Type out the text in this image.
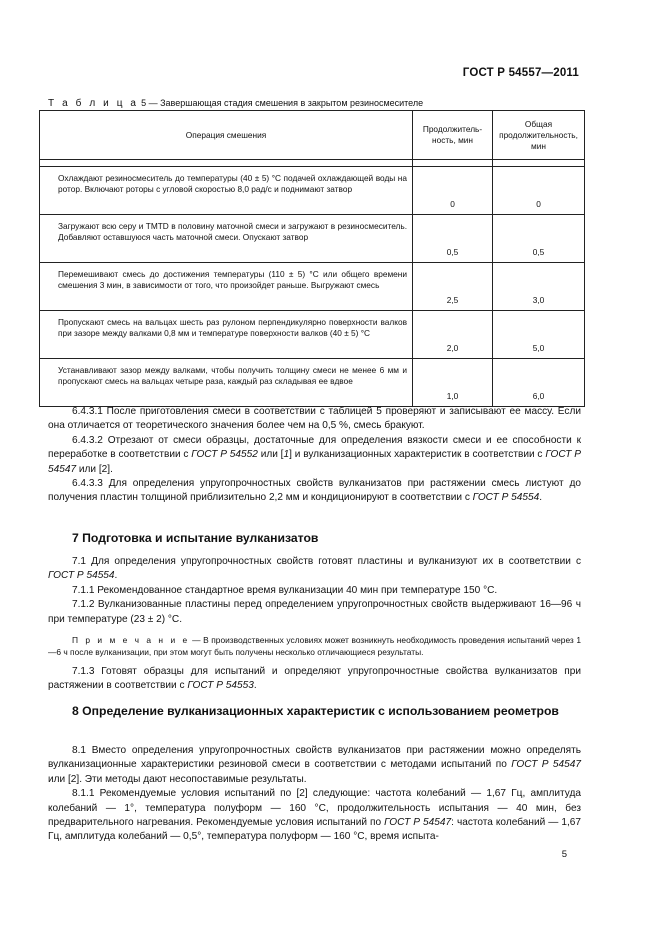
ГОСТ Р 54557—2011
Т а б л и ц а 5 — Завершающая стадия смешения в закрытом резиносмесителе
Операция смешения	Продолжитель-ность, мин	Общая продолжительность, мин

Охлаждают резиносмеситель до температуры (40 ± 5) °С подачей охлаждающей воды на ротор. Включают роторы с угловой скоростью 8,0 рад/с и поднимают затвор	0	0
Загружают всю серу и TMTD в половину маточной смеси и загружают в резиносмеситель. Добавляют оставшуюся часть маточной смеси. Опускают затвор	0,5	0,5
Перемешивают смесь до достижения температуры (110 ± 5) °С или общего времени смешения 3 мин, в зависимости от того, что произойдет раньше. Выгружают смесь	2,5	3,0
Пропускают смесь на вальцах шесть раз рулоном перпендикулярно поверхности валков при зазоре между валками 0,8 мм и температуре поверхности валков (40 ± 5) °С	2,0	5,0
Устанавливают зазор между валками, чтобы получить толщину смеси не менее 6 мм и пропускают смесь на вальцах четыре раза, каждый раз складывая ее вдвое	1,0	6,0

6.4.3.1 После приготовления смеси в соответствии с таблицей 5 проверяют и записывают ее массу. Если она отличается от теоретического значения более чем на 0,5 %, смесь бракуют.

6.4.3.2 Отрезают от смеси образцы, достаточные для определения вязкости смеси и ее способности к переработке в соответствии с ГОСТ Р 54552 или [1] и вулканизационных характеристик в соответствии с ГОСТ Р 54547 или [2].

6.4.3.3 Для определения упругопрочностных свойств вулканизатов при растяжении смесь листуют до получения пластин толщиной приблизительно 2,2 мм и кондиционируют в соответствии с ГОСТ Р 54554.

7 Подготовка и испытание вулканизатов

7.1 Для определения упругопрочностных свойств готовят пластины и вулканизуют их в соответствии с ГОСТ Р 54554.

7.1.1 Рекомендованное стандартное время вулканизации 40 мин при температуре 150 °С.

7.1.2 Вулканизованные пластины перед определением упругопрочностных свойств выдерживают 16—96 ч при температуре (23 ± 2) °С.

П р и м е ч а н и е — В производственных условиях может возникнуть необходимость проведения испытаний через 1—6 ч после вулканизации, при этом могут быть получены несколько отличающиеся результаты.

7.1.3 Готовят образцы для испытаний и определяют упругопрочностные свойства вулканизатов при растяжении в соответствии с ГОСТ Р 54553.

8 Определение вулканизационных характеристик с использованием реометров

8.1 Вместо определения упругопрочностных свойств вулканизатов при растяжении можно определять вулканизационные характеристики резиновой смеси в соответствии с методами испытаний по ГОСТ Р 54547 или [2]. Эти методы дают несопоставимые результаты.

8.1.1 Рекомендуемые условия испытаний по [2] следующие: частота колебаний — 1,67 Гц, амплитуда колебаний — 1°, температура полуформ — 160 °С, продолжительность испытания — 40 мин, без предварительного нагревания. Рекомендуемые условия испытаний по ГОСТ Р 54547: частота колебаний — 1,67 Гц, амплитуда колебаний — 0,5°, температура полуформ — 160 °С, время испыта-

5
